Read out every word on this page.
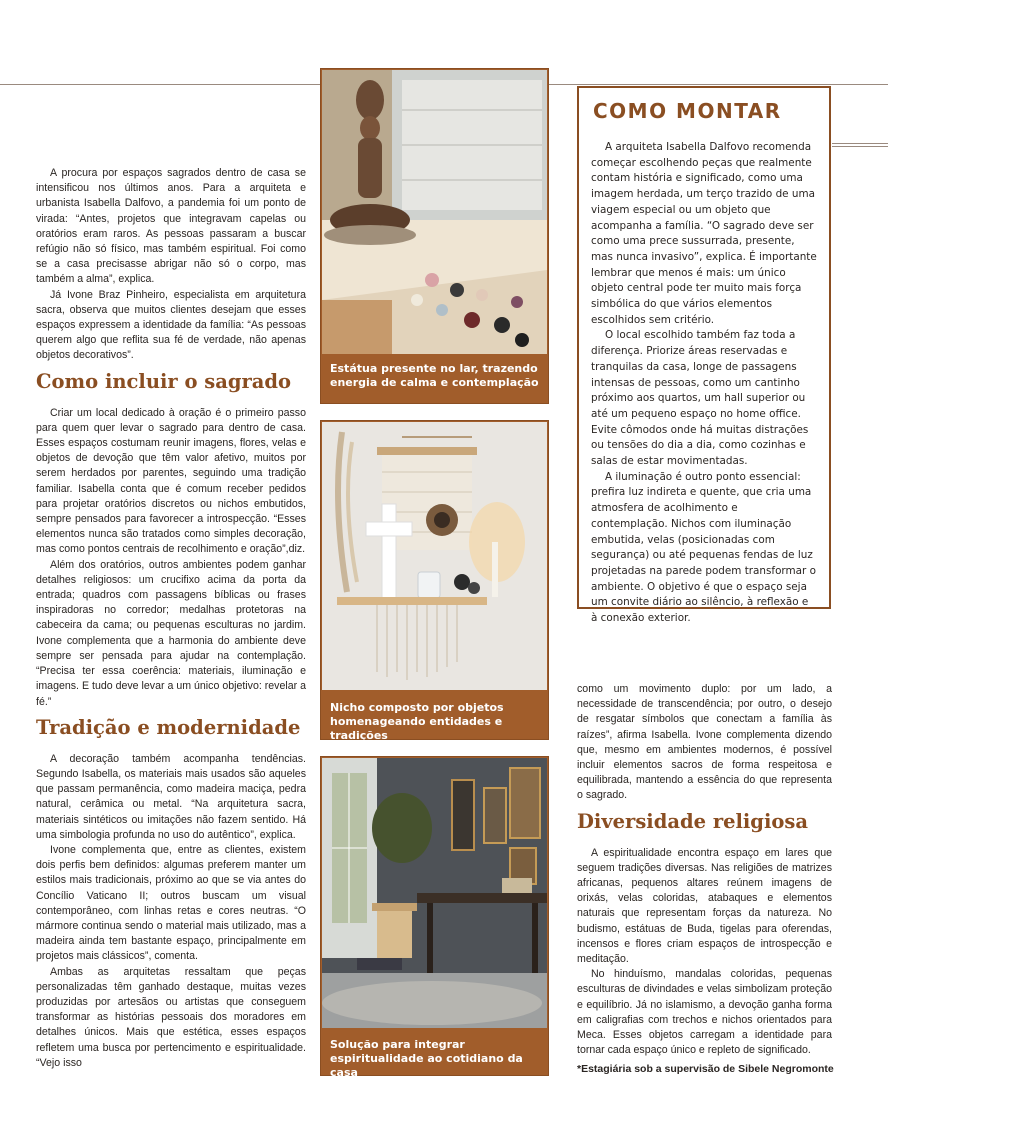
A procura por espaços sagrados dentro de casa se intensificou nos últimos anos. Para a arquiteta e urbanista Isabella Dalfovo, a pandemia foi um ponto de virada: “Antes, projetos que integravam capelas ou oratórios eram raros. As pessoas passaram a buscar refúgio não só físico, mas também espiritual. Foi como se a casa precisasse abrigar não só o corpo, mas também a alma”, explica.

Já Ivone Braz Pinheiro, especialista em arquitetura sacra, observa que muitos clientes desejam que esses espaços expressem a identidade da família: “As pessoas querem algo que reflita sua fé de verdade, não apenas objetos decorativos”.

Como incluir o sagrado

Criar um local dedicado à oração é o primeiro passo para quem quer levar o sagrado para dentro de casa. Esses espaços costumam reunir imagens, flores, velas e objetos de devoção que têm valor afetivo, muitos por serem herdados por parentes, seguindo uma tradição familiar. Isabella conta que é comum receber pedidos para projetar oratórios discretos ou nichos embutidos, sempre pensados para favorecer a introspecção. “Esses elementos nunca são tratados como simples decoração, mas como pontos centrais de recolhimento e oração”,diz.

Além dos oratórios, outros ambientes podem ganhar detalhes religiosos: um crucifixo acima da porta da entrada; quadros com passagens bíblicas ou frases inspiradoras no corredor; medalhas protetoras na cabeceira da cama; ou pequenas esculturas no jardim. Ivone complementa que a harmonia do ambiente deve sempre ser pensada para ajudar na contemplação. “Precisa ter essa coerência: materiais, iluminação e imagens. E tudo deve levar a um único objetivo: revelar a fé.”

Tradição e modernidade

A decoração também acompanha tendências. Segundo Isabella, os materiais mais usados são aqueles que passam permanência, como madeira maciça, pedra natural, cerâmica ou metal. “Na arquitetura sacra, materiais sintéticos ou imitações não fazem sentido. Há uma simbologia profunda no uso do autêntico”, explica.

Ivone complementa que, entre as clientes, existem dois perfis bem definidos: algumas preferem manter um estilos mais tradicionais, próximo ao que se via antes do Concílio Vaticano II; outros buscam um visual contemporâneo, com linhas retas e cores neutras. “O mármore continua sendo o material mais utilizado, mas a madeira ainda tem bastante espaço, principalmente em projetos mais clássicos”, comenta.

Ambas as arquitetas ressaltam que peças personalizadas têm ganhado destaque, muitas vezes produzidas por artesãos ou artistas que conseguem transformar as histórias pessoais dos moradores em detalhes únicos. Mais que estética, esses espaços refletem uma busca por pertencimento e espiritualidade. “Vejo isso

Estátua presente no lar, trazendo energia de calma e contemplação
Nicho composto por objetos homenageando entidades e tradições
Solução para integrar espiritualidade ao cotidiano da casa
COMO MONTAR

A arquiteta Isabella Dalfovo recomenda começar escolhendo peças que realmente contam história e significado, como uma imagem herdada, um terço trazido de uma viagem especial ou um objeto que acompanha a família. “O sagrado deve ser como uma prece sussurrada, presente, mas nunca invasivo”, explica. É importante lembrar que menos é mais: um único objeto central pode ter muito mais força simbólica do que vários elementos escolhidos sem critério.

O local escolhido também faz toda a diferença. Priorize áreas reservadas e tranquilas da casa, longe de passagens intensas de pessoas, como um cantinho próximo aos quartos, um hall superior ou até um pequeno espaço no home office. Evite cômodos onde há muitas distrações ou tensões do dia a dia, como cozinhas e salas de estar movimentadas.

A iluminação é outro ponto essencial: prefira luz indireta e quente, que cria uma atmosfera de acolhimento e contemplação. Nichos com iluminação embutida, velas (posicionadas com segurança) ou até pequenas fendas de luz projetadas na parede podem transformar o ambiente. O objetivo é que o espaço seja um convite diário ao silêncio, à reflexão e à conexão exterior.

como um movimento duplo: por um lado, a necessidade de transcendência; por outro, o desejo de resgatar símbolos que conectam a família às raízes”, afirma Isabella. Ivone complementa dizendo que, mesmo em ambientes modernos, é possível incluir elementos sacros de forma respeitosa e equilibrada, mantendo a essência do que representa o sagrado.

Diversidade religiosa

A espiritualidade encontra espaço em lares que seguem tradições diversas. Nas religiões de matrizes africanas, pequenos altares reúnem imagens de orixás, velas coloridas, atabaques e elementos naturais que representam forças da natureza. No budismo, estátuas de Buda, tigelas para oferendas, incensos e flores criam espaços de introspecção e meditação.

No hinduísmo, mandalas coloridas, pequenas esculturas de divindades e velas simbolizam proteção e equilíbrio. Já no islamismo, a devoção ganha forma em caligrafias com trechos e nichos orientados para Meca. Esses objetos carregam a identidade para tornar cada espaço único e repleto de significado.

*Estagiária sob a supervisão de Sibele Negromonte
